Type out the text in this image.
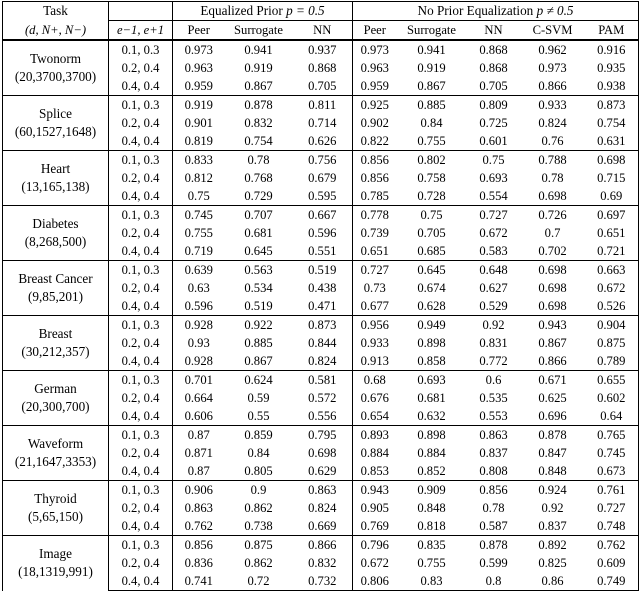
Task		Equalized Prior p = 0.5			No Prior Equalization p ≠ 0.5				
(d, N+, N−)	e−1, e+1	Peer	Surrogate	NN	Peer	Surrogate	NN	C-SVM	PAM

Twonorm
(20,3700,3700)	0.1, 0.3	0.973	0.941	0.937	0.973	0.941	0.868	0.962	0.916
	0.2, 0.4	0.963	0.919	0.868	0.963	0.919	0.868	0.973	0.935
	0.4, 0.4	0.959	0.867	0.705	0.959	0.867	0.705	0.866	0.938

Splice
(60,1527,1648)	0.1, 0.3	0.919	0.878	0.811	0.925	0.885	0.809	0.933	0.873
	0.2, 0.4	0.901	0.832	0.714	0.902	0.84	0.725	0.824	0.754
	0.4, 0.4	0.819	0.754	0.626	0.822	0.755	0.601	0.76	0.631

Heart
(13,165,138)	0.1, 0.3	0.833	0.78	0.756	0.856	0.802	0.75	0.788	0.698
	0.2, 0.4	0.812	0.768	0.679	0.856	0.758	0.693	0.78	0.715
	0.4, 0.4	0.75	0.729	0.595	0.785	0.728	0.554	0.698	0.69

Diabetes
(8,268,500)	0.1, 0.3	0.745	0.707	0.667	0.778	0.75	0.727	0.726	0.697
	0.2, 0.4	0.755	0.681	0.596	0.739	0.705	0.672	0.7	0.651
	0.4, 0.4	0.719	0.645	0.551	0.651	0.685	0.583	0.702	0.721

Breast Cancer
(9,85,201)	0.1, 0.3	0.639	0.563	0.519	0.727	0.645	0.648	0.698	0.663
	0.2, 0.4	0.63	0.534	0.438	0.73	0.674	0.627	0.698	0.672
	0.4, 0.4	0.596	0.519	0.471	0.677	0.628	0.529	0.698	0.526

Breast
(30,212,357)	0.1, 0.3	0.928	0.922	0.873	0.956	0.949	0.92	0.943	0.904
	0.2, 0.4	0.93	0.885	0.844	0.933	0.898	0.831	0.867	0.875
	0.4, 0.4	0.928	0.867	0.824	0.913	0.858	0.772	0.866	0.789

German
(20,300,700)	0.1, 0.3	0.701	0.624	0.581	0.68	0.693	0.6	0.671	0.655
	0.2, 0.4	0.664	0.59	0.572	0.676	0.681	0.535	0.625	0.602
	0.4, 0.4	0.606	0.55	0.556	0.654	0.632	0.553	0.696	0.64

Waveform
(21,1647,3353)	0.1, 0.3	0.87	0.859	0.795	0.893	0.898	0.863	0.878	0.765
	0.2, 0.4	0.871	0.84	0.698	0.884	0.884	0.837	0.847	0.745
	0.4, 0.4	0.87	0.805	0.629	0.853	0.852	0.808	0.848	0.673

Thyroid
(5,65,150)	0.1, 0.3	0.906	0.9	0.863	0.943	0.909	0.856	0.924	0.761
	0.2, 0.4	0.863	0.862	0.824	0.905	0.848	0.78	0.92	0.727
	0.4, 0.4	0.762	0.738	0.669	0.769	0.818	0.587	0.837	0.748

Image
(18,1319,991)	0.1, 0.3	0.856	0.875	0.866	0.796	0.835	0.878	0.892	0.762
	0.2, 0.4	0.836	0.862	0.832	0.672	0.755	0.599	0.825	0.609
	0.4, 0.4	0.741	0.72	0.732	0.806	0.83	0.8	0.86	0.749
